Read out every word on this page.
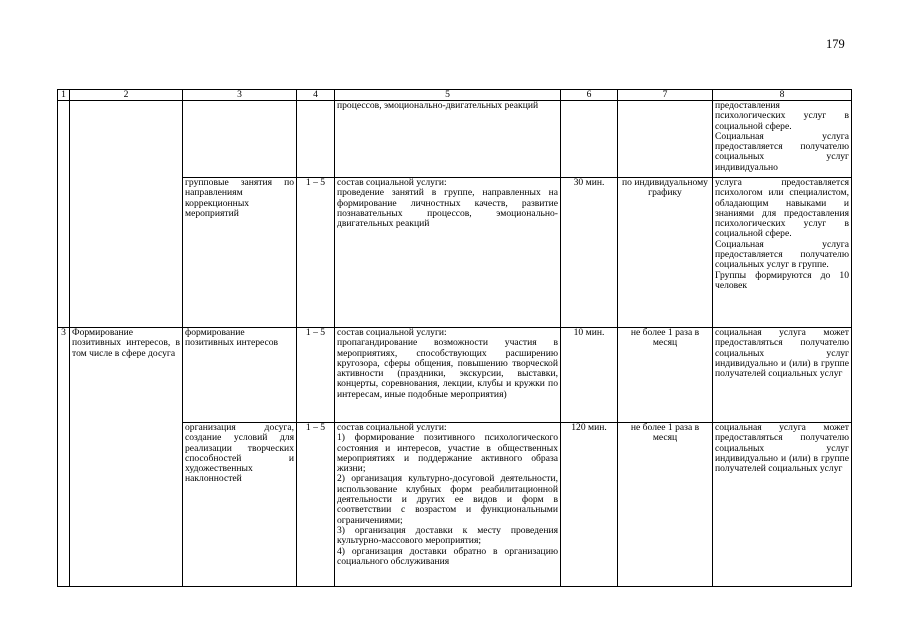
179
1	2	3	4	5	6	7	8
				процессов, эмоционально-двигательных реакций			предоставления психологических услуг в социальной сфере.
Социальная услуга предоставляется получателю социальных услуг индивидуально
		групповые занятия по направлениям коррекционных мероприятий	1 – 5	состав социальной услуги:
проведение занятий в группе, направленных на формирование личностных качеств, развитие познавательных процессов, эмоционально-двигательных реакций	30 мин.	по индивидуальному графику	услуга предоставляется психологом или специалистом, обладающим навыками и знаниями для предоставления психологических услуг в социальной сфере.
Социальная услуга предоставляется получателю социальных услуг в группе.
Группы формируются до 10 человек
3	Формирование позитивных интересов, в том числе в сфере досуга	формирование позитивных интересов	1 – 5	состав социальной услуги:
пропагандирование возможности участия в мероприятиях, способствующих расширению кругозора, сферы общения, повышению творческой активности (праздники, экскурсии, выставки, концерты, соревнования, лекции, клубы и кружки по интересам, иные подобные мероприятия)	10 мин.	не более 1 раза в месяц	социальная услуга может предоставляться получателю социальных услуг индивидуально и (или) в группе получателей социальных услуг
		организация досуга, создание условий для реализации творческих способностей и художественных наклонностей	1 – 5	состав социальной услуги:
1) формирование позитивного психологического состояния и интересов, участие в общественных мероприятиях и поддержание активного образа жизни;
2) организация культурно-досуговой деятельности, использование клубных форм реабилитационной деятельности и других ее видов и форм в соответствии с возрастом и функциональными ограничениями;
3) организация доставки к месту проведения культурно-массового мероприятия;
4) организация доставки обратно в организацию социального обслуживания	120 мин.	не более 1 раза в месяц	социальная услуга может предоставляться получателю социальных услуг индивидуально и (или) в группе получателей социальных услуг
